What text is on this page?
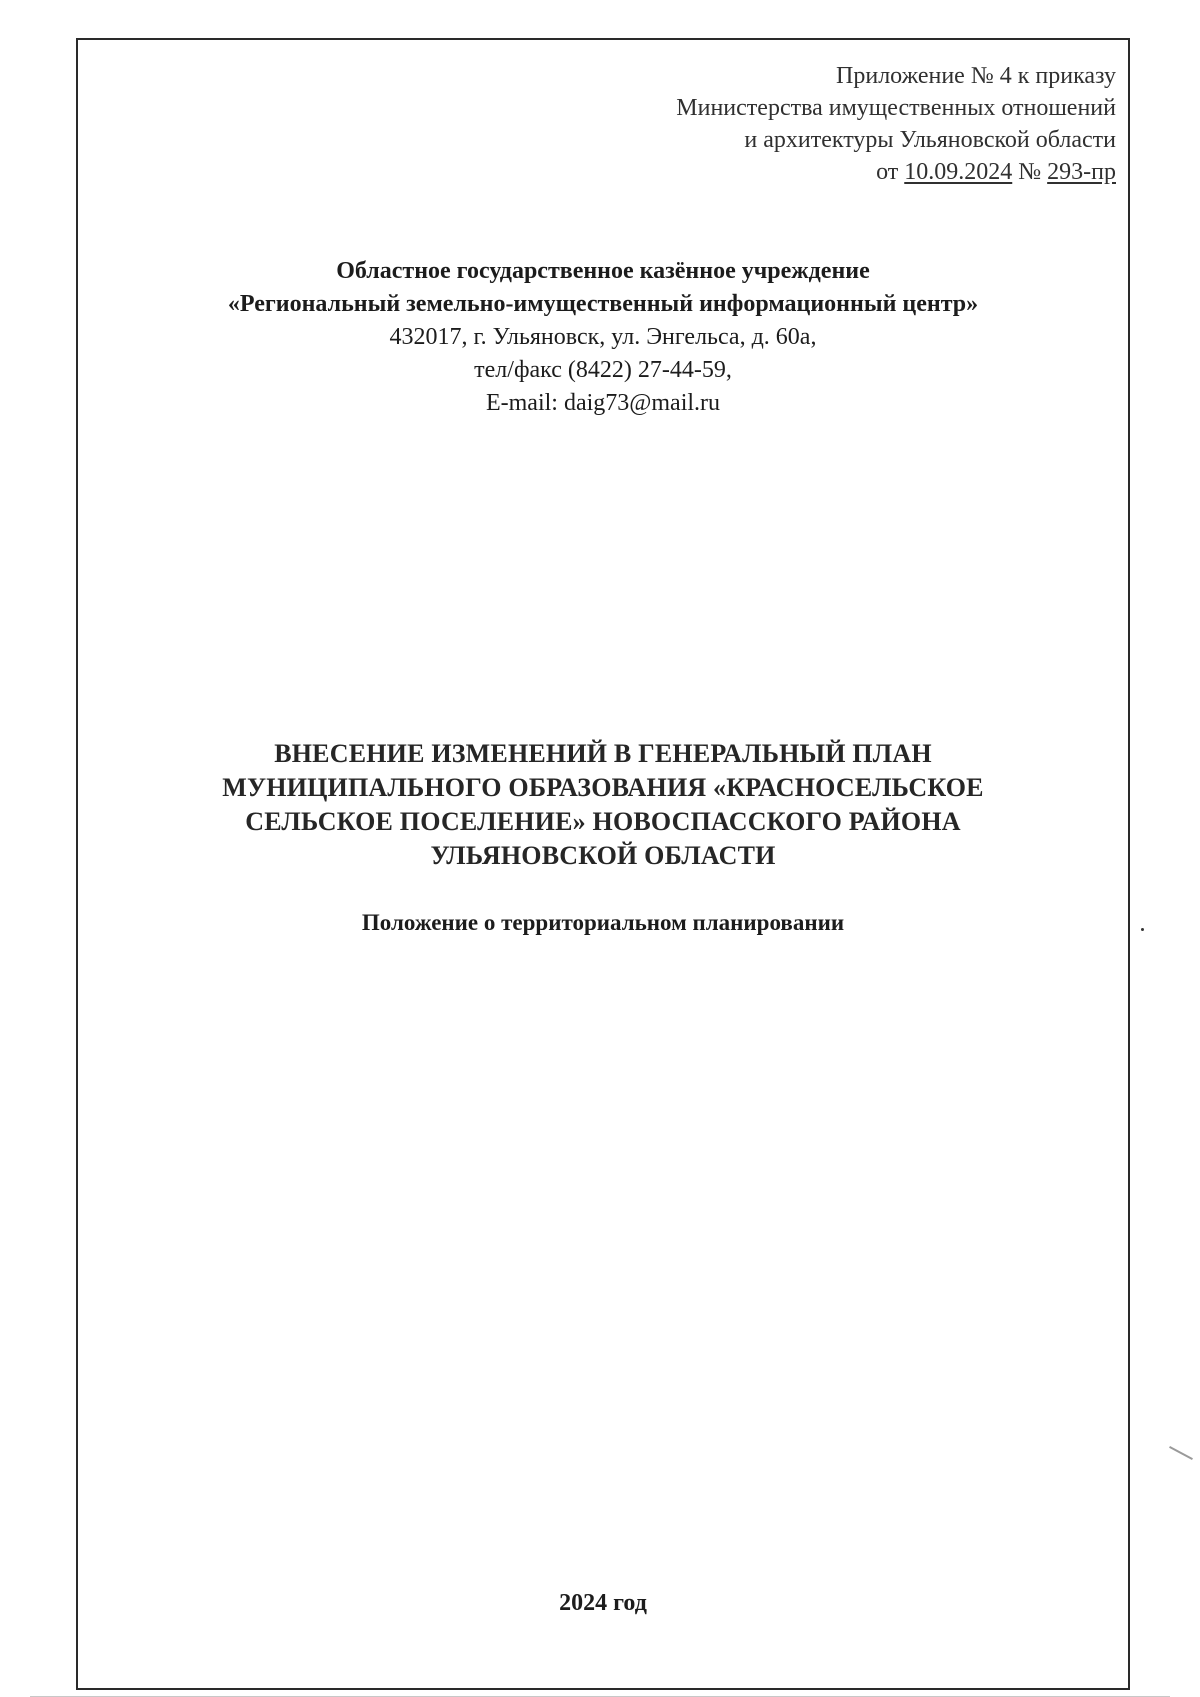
Приложение № 4 к приказу
Министерства имущественных отношений
и архитектуры Ульяновской области
от 10.09.2024 № 293-пр
Областное государственное казённое учреждение
«Региональный земельно-имущественный информационный центр»
432017, г. Ульяновск, ул. Энгельса, д. 60а,
тел/факс (8422) 27-44-59,
E-mail: daig73@mail.ru
ВНЕСЕНИЕ ИЗМЕНЕНИЙ В ГЕНЕРАЛЬНЫЙ ПЛАН
МУНИЦИПАЛЬНОГО ОБРАЗОВАНИЯ «КРАСНОСЕЛЬСКОЕ
СЕЛЬСКОЕ ПОСЕЛЕНИЕ» НОВОСПАССКОГО РАЙОНА
УЛЬЯНОВСКОЙ ОБЛАСТИ
Положение о территориальном планировании
2024 год
